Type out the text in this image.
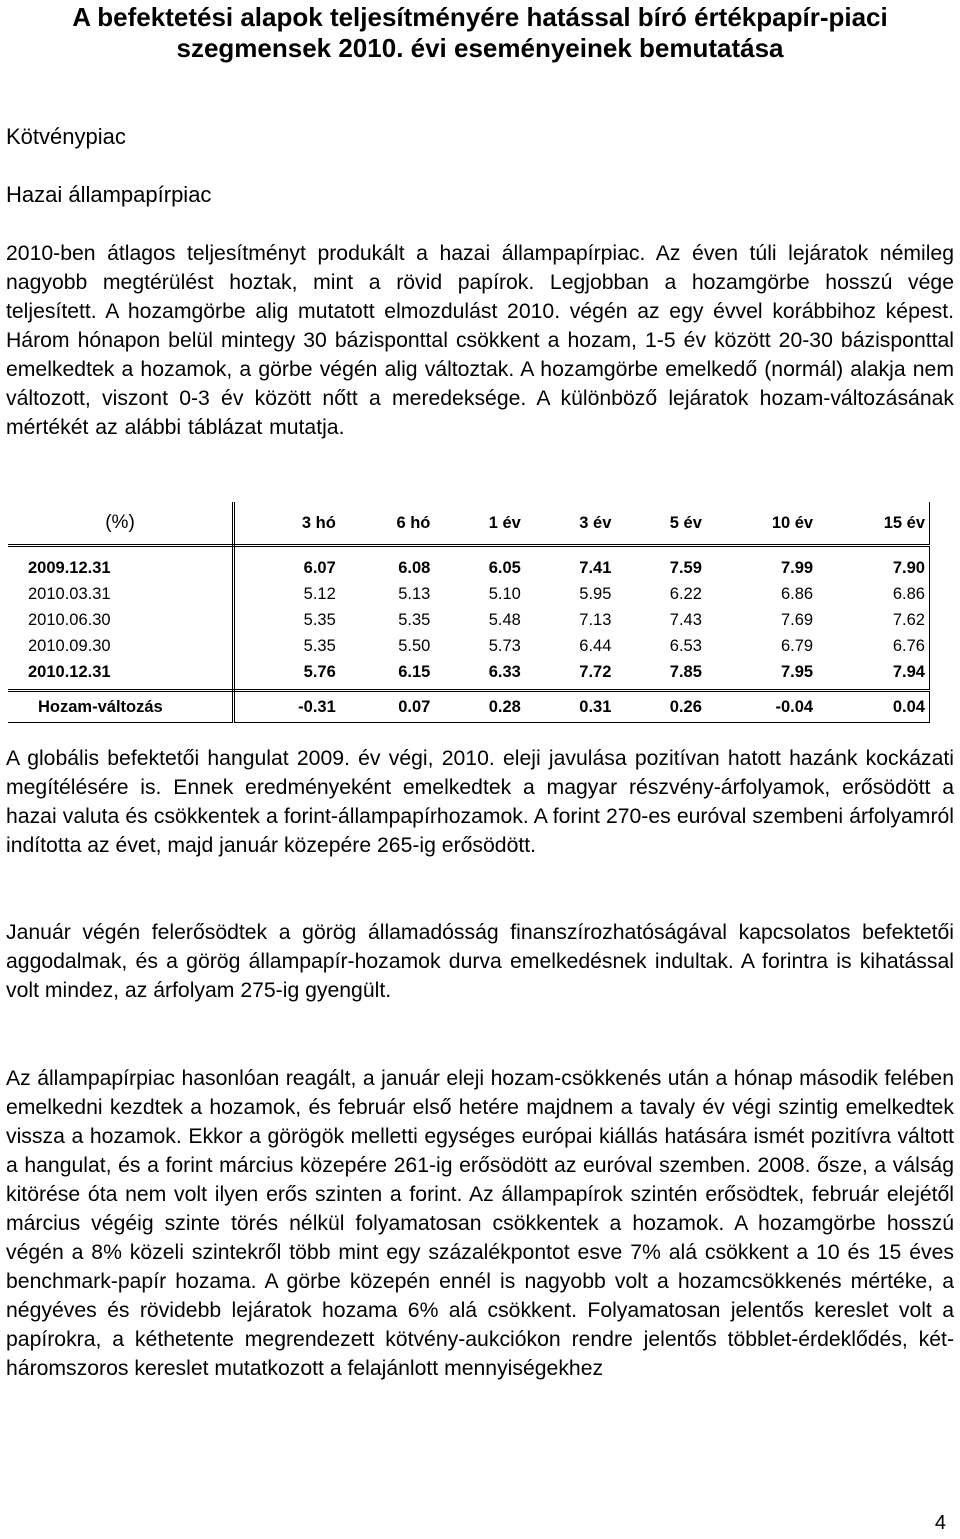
A befektetési alapok teljesítményére hatással bíró értékpapír-piaci szegmensek 2010. évi eseményeinek bemutatása
Kötvénypiac
Hazai állampapírpiac

2010-ben átlagos teljesítményt produkált a hazai állampapírpiac. Az éven túli lejáratok némileg nagyobb megtérülést hoztak, mint a rövid papírok. Legjobban a hozamgörbe hosszú vége teljesített. A hozamgörbe alig mutatott elmozdulást 2010. végén az egy évvel korábbihoz képest. Három hónapon belül mintegy 30 bázisponttal csökkent a hozam, 1-5 év között 20-30 bázisponttal emelkedtek a hozamok, a görbe végén alig változtak. A hozamgörbe emelkedő (normál) alakja nem változott, viszont 0-3 év között nőtt a meredeksége. A különböző lejáratok hozam-változásának mértékét az alábbi táblázat mutatja.

(%)	3 hó	6 hó	1 év	3 év	5 év	10 év	15 év
2009.12.31	6.07	6.08	6.05	7.41	7.59	7.99	7.90
2010.03.31	5.12	5.13	5.10	5.95	6.22	6.86	6.86
2010.06.30	5.35	5.35	5.48	7.13	7.43	7.69	7.62
2010.09.30	5.35	5.50	5.73	6.44	6.53	6.79	6.76
2010.12.31	5.76	6.15	6.33	7.72	7.85	7.95	7.94
Hozam-változás	-0.31	0.07	0.28	0.31	0.26	-0.04	0.04

A globális befektetői hangulat 2009. év végi, 2010. eleji javulása pozitívan hatott hazánk kockázati megítélésére is. Ennek eredményeként emelkedtek a magyar részvény-árfolyamok, erősödött a hazai valuta és csökkentek a forint-állampapírhozamok. A forint 270-es euróval szembeni árfolyamról indította az évet, majd január közepére 265-ig erősödött.

Január végén felerősödtek a görög államadósság finanszírozhatóságával kapcsolatos befektetői aggodalmak, és a görög állampapír-hozamok durva emelkedésnek indultak. A forintra is kihatással volt mindez, az árfolyam 275-ig gyengült.

Az állampapírpiac hasonlóan reagált, a január eleji hozam-csökkenés után a hónap második felében emelkedni kezdtek a hozamok, és február első hetére majdnem a tavaly év végi szintig emelkedtek vissza a hozamok. Ekkor a görögök melletti egységes európai kiállás hatására ismét pozitívra váltott a hangulat, és a forint március közepére 261-ig erősödött az euróval szemben. 2008. ősze, a válság kitörése óta nem volt ilyen erős szinten a forint. Az állampapírok szintén erősödtek, február elejétől március végéig szinte törés nélkül folyamatosan csökkentek a hozamok. A hozamgörbe hosszú végén a 8% közeli szintekről több mint egy százalékpontot esve 7% alá csökkent a 10 és 15 éves benchmark-papír hozama. A görbe közepén ennél is nagyobb volt a hozamcsökkenés mértéke, a négyéves és rövidebb lejáratok hozama 6% alá csökkent. Folyamatosan jelentős kereslet volt a papírokra, a kéthetente megrendezett kötvény-aukciókon rendre jelentős többlet-érdeklődés, két-háromszoros kereslet mutatkozott a felajánlott mennyiségekhez

4
